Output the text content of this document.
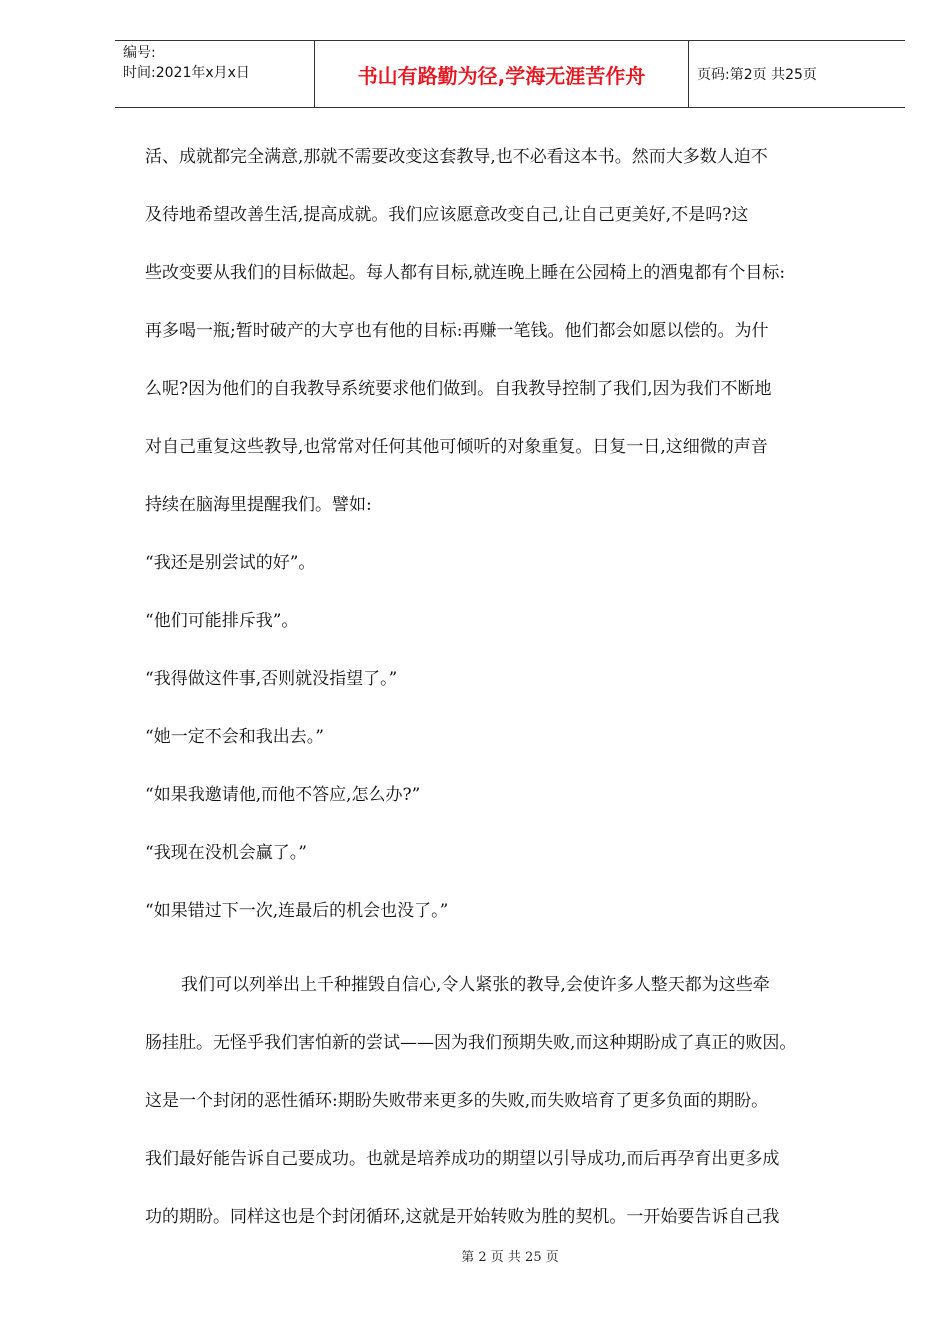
编号:
时间:2021年x月x日	书山有路勤为径,学海无涯苦作舟	页码:第2页 共25页

活、成就都完全满意,那就不需要改变这套教导,也不必看这本书。然而大多数人迫不

及待地希望改善生活,提高成就。我们应该愿意改变自己,让自己更美好,不是吗?这

些改变要从我们的目标做起。每人都有目标,就连晚上睡在公园椅上的酒鬼都有个目标:

再多喝一瓶;暂时破产的大亨也有他的目标:再赚一笔钱。他们都会如愿以偿的。为什

么呢?因为他们的自我教导系统要求他们做到。自我教导控制了我们,因为我们不断地

对自己重复这些教导,也常常对任何其他可倾听的对象重复。日复一日,这细微的声音

持续在脑海里提醒我们。譬如:

“我还是别尝试的好”。

“他们可能排斥我”。

“我得做这件事,否则就没指望了。”

“她一定不会和我出去。”

“如果我邀请他,而他不答应,怎么办?”

“我现在没机会赢了。”

“如果错过下一次,连最后的机会也没了。”

我们可以列举出上千种摧毁自信心,令人紧张的教导,会使许多人整天都为这些牵

肠挂肚。无怪乎我们害怕新的尝试——因为我们预期失败,而这种期盼成了真正的败因。

这是一个封闭的恶性循环:期盼失败带来更多的失败,而失败培育了更多负面的期盼。

我们最好能告诉自己要成功。也就是培养成功的期望以引导成功,而后再孕育出更多成

功的期盼。同样这也是个封闭循环,这就是开始转败为胜的契机。一开始要告诉自己我

第 2 页 共 25 页
